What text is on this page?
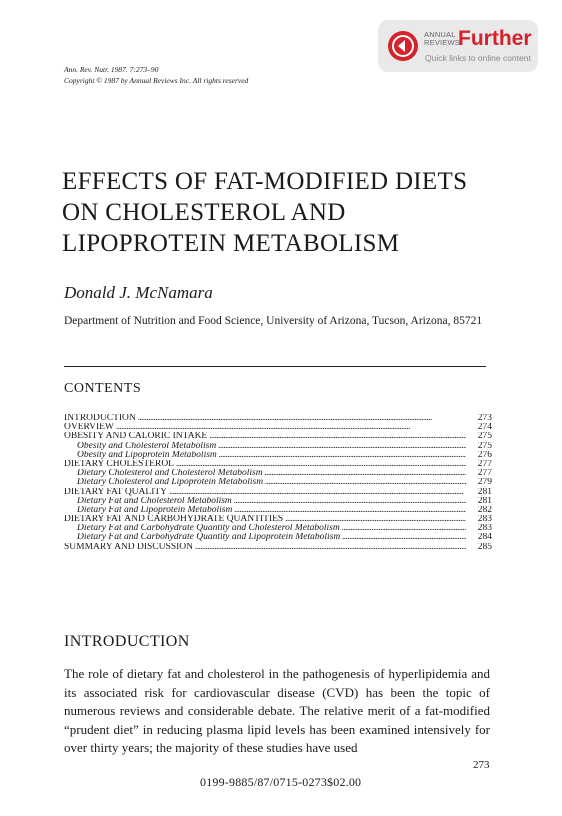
ANNUAL
REVIEWS
Further
Quick links to online content
Ann. Rev. Nutr. 1987. 7:273–90
Copyright © 1987 by Annual Reviews Inc. All rights reserved
EFFECTS OF FAT-MODIFIED DIETS
ON CHOLESTEROL AND
LIPOPROTEIN METABOLISM
Donald J. McNamara
Department of Nutrition and Food Science, University of Arizona, Tucson, Arizona, 85721
CONTENTS
INTRODUCTION . . .	273
OVERVIEW . . .	274
OBESITY AND CALORIC INTAKE . . .	275
Obesity and Cholesterol Metabolism . . .	275
Obesity and Lipoprotein Metabolism . . .	276
DIETARY CHOLESTEROL . . .	277
Dietary Cholesterol and Cholesterol Metabolism . . .	277
Dietary Cholesterol and Lipoprotein Metabolism . . .	279
DIETARY FAT QUALITY . . .	281
Dietary Fat and Cholesterol Metabolism . . .	281
Dietary Fat and Lipoprotein Metabolism . . .	282
DIETARY FAT AND CARBOHYDRATE QUANTITIES . . .	283
Dietary Fat and Carbohydrate Quantity and Cholesterol Metabolism . . .	283
Dietary Fat and Carbohydrate Quantity and Lipoprotein Metabolism . . .	284
SUMMARY AND DISCUSSION . . .	285
INTRODUCTION
The role of dietary fat and cholesterol in the pathogenesis of hyperlipidemia and its associated risk for cardiovascular disease (CVD) has been the topic of numerous reviews and considerable debate. The relative merit of a fat-modified “prudent diet” in reducing plasma lipid levels has been examined intensively for over thirty years; the majority of these studies have used
273
0199-9885/87/0715-0273$02.00
